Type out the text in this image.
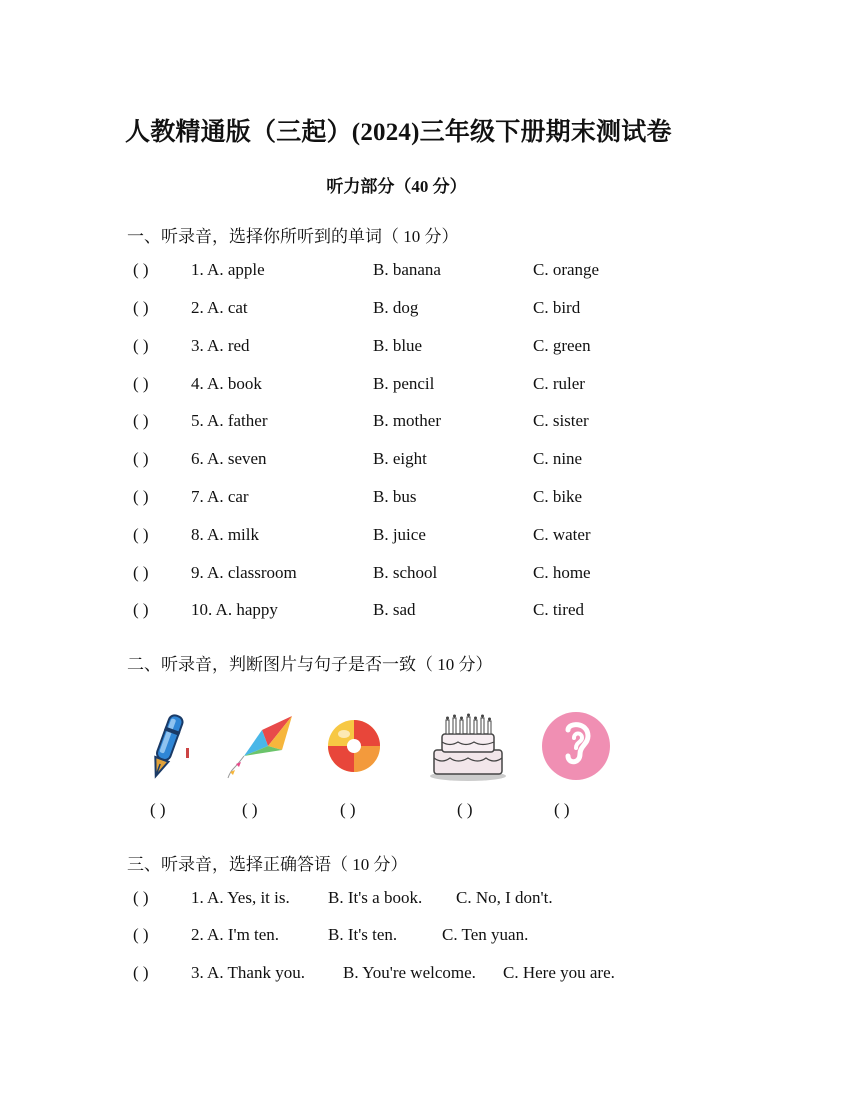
人教精通版（三起）(2024)三年级下册期末测试卷
听力部分（40 分）
一、听录音，选择你所听到的单词（ 10 分）
( ) 1. A. apple	B. banana	C. orange
( ) 2. A. cat	B. dog	C. bird
( ) 3. A. red	B. blue	C. green
( ) 4. A. book	B. pencil	C. ruler
( ) 5. A. father	B. mother	C. sister
( ) 6. A. seven	B. eight	C. nine
( ) 7. A. car	B. bus	C. bike
( ) 8. A. milk	B. juice	C. water
( ) 9. A. classroom	B. school	C. home
( ) 10. A. happy	B. sad	C. tired
二、听录音，判断图片与句子是否一致（ 10 分）
( )	( )	( )	( )	( )
三、听录音，选择正确答语（ 10 分）
( ) 1. A. Yes, it is. B. It's a book. C. No, I don't.
( ) 2. A. I'm ten.	B. It's ten.	C. Ten yuan.
( ) 3. A. Thank you. B. You're welcome. C. Here you are.
